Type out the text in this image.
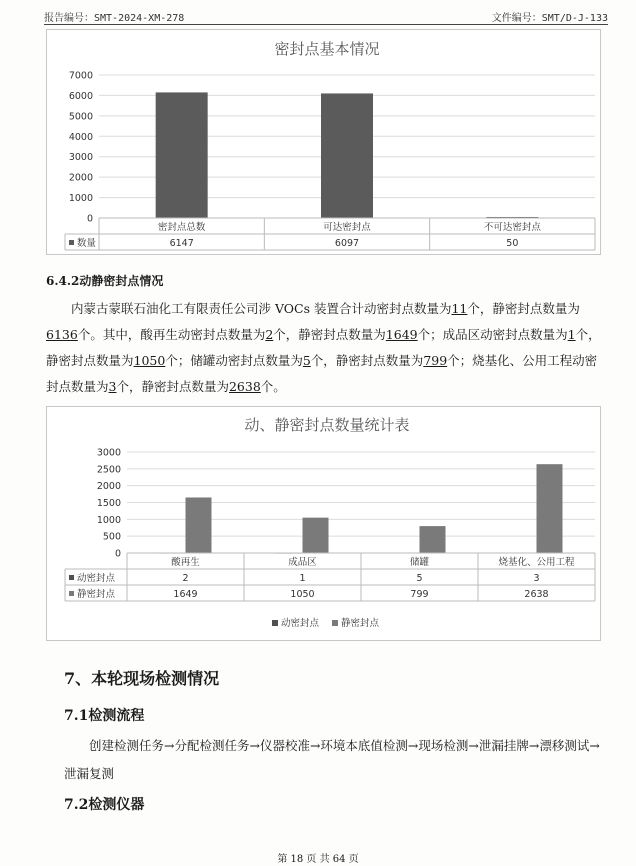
报告编号：SMT-2024-XM-278	文件编号：SMT/D-J-133
密封点基本情况
0
1000
2000
3000
4000
5000
6000
7000
密封点总数	可达密封点	不可达密封点
数量	6147	6097	50
6.4.2动静密封点情况
内蒙古蒙联石油化工有限责任公司涉 VOCs 装置合计动密封点数量为11个，静密封点数量为6136个。其中，酸再生动密封点数量为2个，静密封点数量为1649个；成品区动密封点数量为1个，静密封点数量为1050个；储罐动密封点数量为5个，静密封点数量为799个；烧基化、公用工程动密封点数量为3个，静密封点数量为2638个。
动、静密封点数量统计表
0
500
1000
1500
2000
2500
3000
酸再生	成品区	储罐	烧基化、公用工程
动密封点	2	1	5	3
静密封点	1649	1050	799	2638
动密封点 静密封点
7、本轮现场检测情况
7.1检测流程
创建检测任务→分配检测任务→仪器校准→环境本底值检测→现场检测→泄漏挂牌→漂移测试→泄漏复测
7.2检测仪器
第 18 页 共 64 页
